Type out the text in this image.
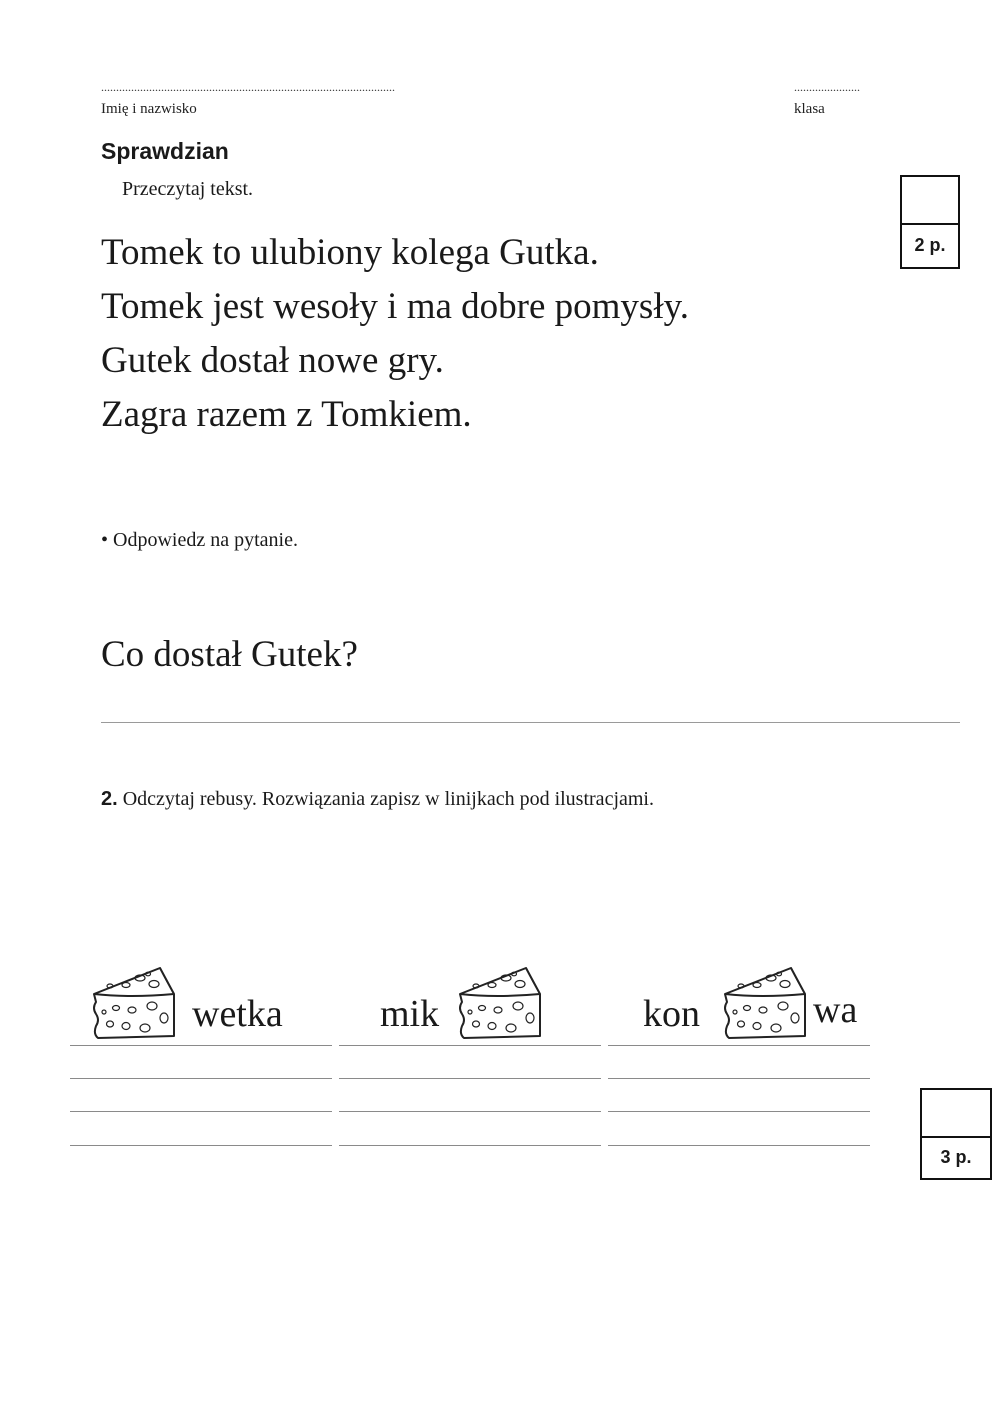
..................................................................................................
Imię i nazwisko
......................
klasa
Sprawdzian
Przeczytaj tekst.
2 p.
Tomek to ulubiony kolega Gutka.
Tomek jest wesoły i ma dobre pomysły.
Gutek dostał nowe gry.
Zagra razem z Tomkiem.
• Odpowiedz na pytanie.
Co dostał Gutek?
2. Odczytaj rebusy. Rozwiązania zapisz w linijkach pod ilustracjami.
wetka	mik	kon	wa
3 p.
